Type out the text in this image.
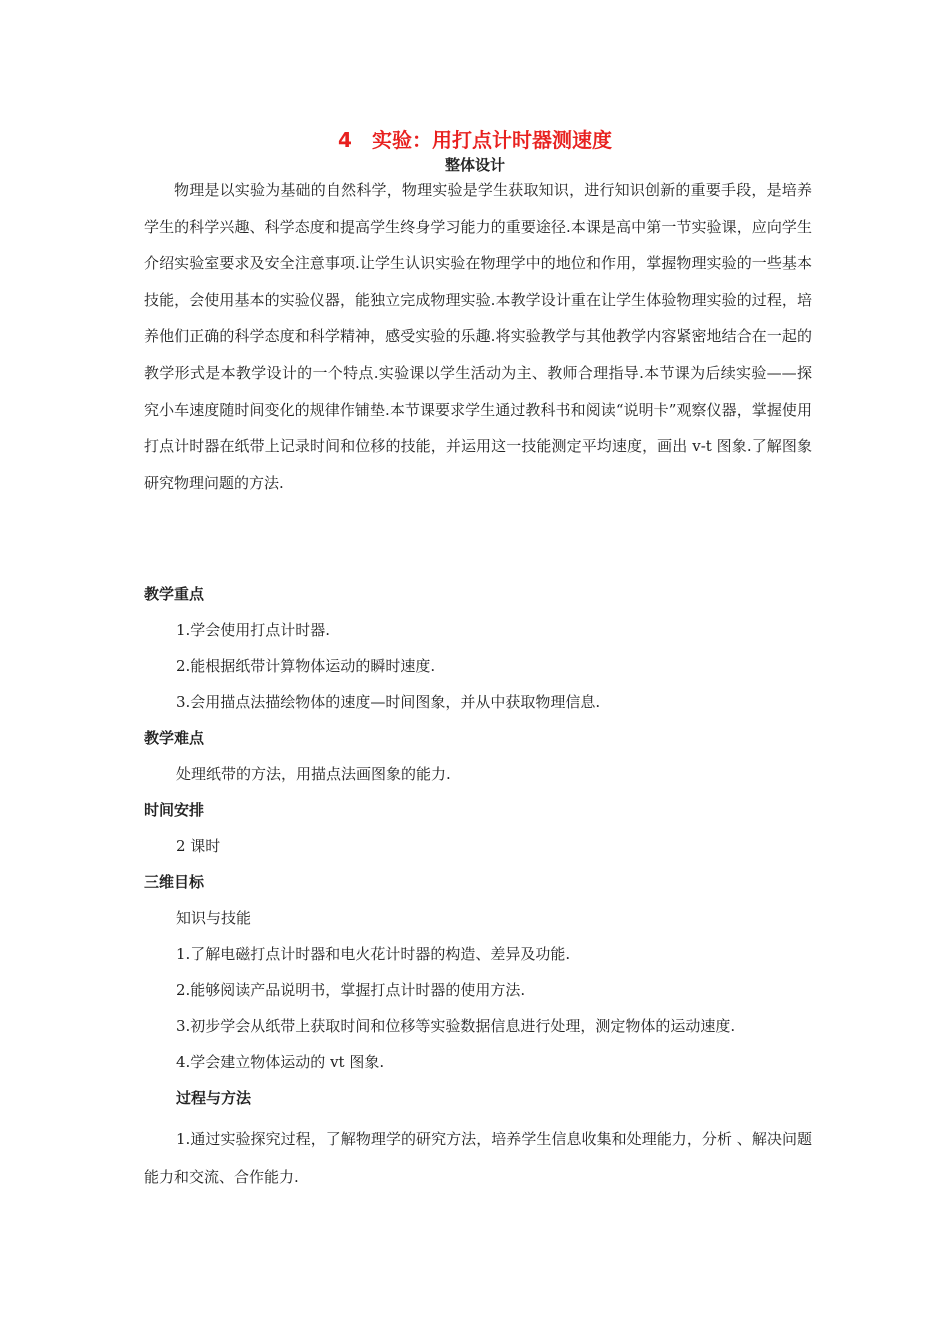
4　实验：用打点计时器测速度
整体设计

物理是以实验为基础的自然科学，物理实验是学生获取知识，进行知识创新的重要手段，是培养学生的科学兴趣、科学态度和提高学生终身学习能力的重要途径.本课是高中第一节实验课，应向学生介绍实验室要求及安全注意事项.让学生认识实验在物理学中的地位和作用，掌握物理实验的一些基本技能，会使用基本的实验仪器，能独立完成物理实验.本教学设计重在让学生体验物理实验的过程，培养他们正确的科学态度和科学精神，感受实验的乐趣.将实验教学与其他教学内容紧密地结合在一起的教学形式是本教学设计的一个特点.实验课以学生活动为主、教师合理指导.本节课为后续实验——探究小车速度随时间变化的规律作铺垫.本节课要求学生通过教科书和阅读“说明卡”观察仪器，掌握使用打点计时器在纸带上记录时间和位移的技能，并运用这一技能测定平均速度，画出 v-t 图象.了解图象研究物理问题的方法.

教学重点
1.学会使用打点计时器.
2.能根据纸带计算物体运动的瞬时速度.
3.会用描点法描绘物体的速度—时间图象，并从中获取物理信息.
教学难点
处理纸带的方法，用描点法画图象的能力.
时间安排
2 课时
三维目标
知识与技能
1.了解电磁打点计时器和电火花计时器的构造、差异及功能.
2.能够阅读产品说明书，掌握打点计时器的使用方法.
3.初步学会从纸带上获取时间和位移等实验数据信息进行处理，测定物体的运动速度.
4.学会建立物体运动的 vt 图象.
过程与方法

1.通过实验探究过程，了解物理学的研究方法，培养学生信息收集和处理能力，分析 、解决问题能力和交流、合作能力.
